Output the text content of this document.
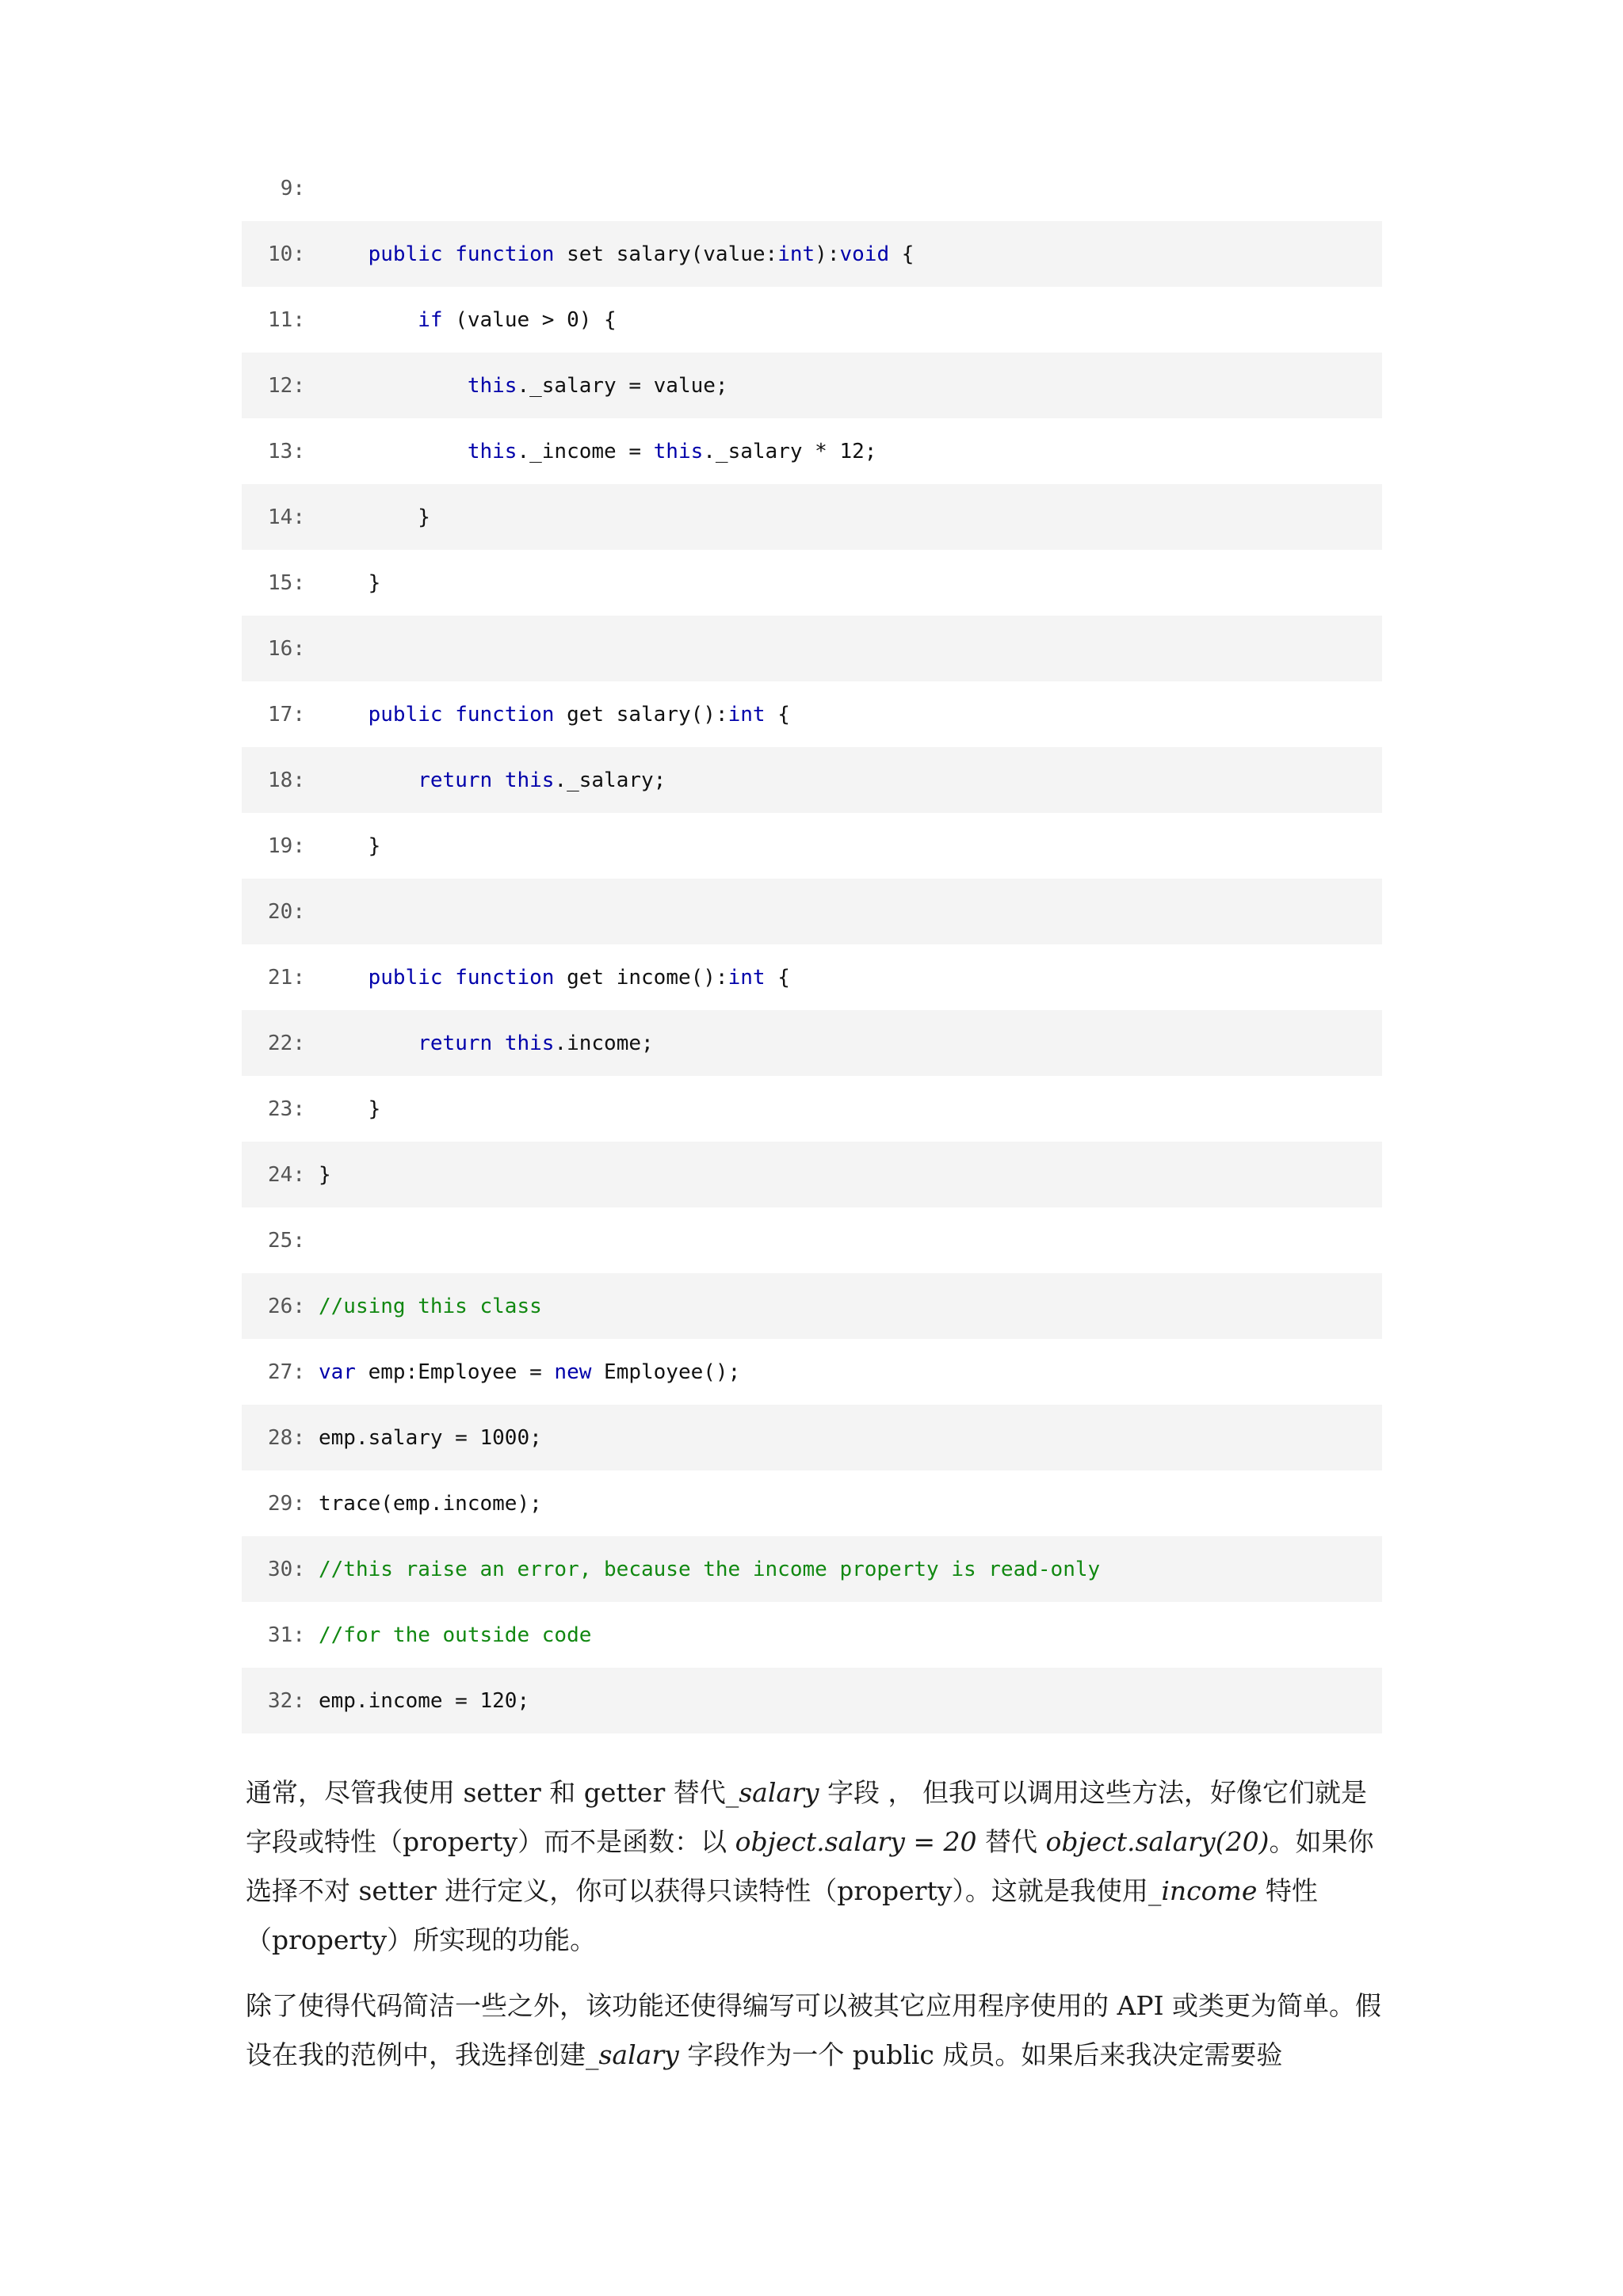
9:
10:	public function set salary(value:int):void {
11:	if (value > 0) {
12:	this._salary = value;
13:	this._income = this._salary * 12;
14: }
15: }
16:
17:	public function get salary():int {
18:	return this._salary;
19: }
20:
21:	public function get income():int {
22:	return this.income;
23: }
24: }
25:
26: //using this class
27: var emp:Employee = new Employee();
28: emp.salary = 1000;
29: trace(emp.income);
30: //this raise an error, because the income property is read-only
31: //for the outside code
32: emp.income = 120;

通常，尽管我使用 setter 和 getter 替代_salary 字段 ， 但我可以调用这些方法，好像它们就是字段或特性（property）而不是函数：以 object.salary = 20 替代 object.salary(20)。如果你选择不对 setter 进行定义，你可以获得只读特性（property）。这就是我使用_income 特性（property）所实现的功能。

除了使得代码简洁一些之外，该功能还使得编写可以被其它应用程序使用的 API 或类更为简单。假设在我的范例中，我选择创建_salary 字段作为一个 public 成员。如果后来我决定需要验
